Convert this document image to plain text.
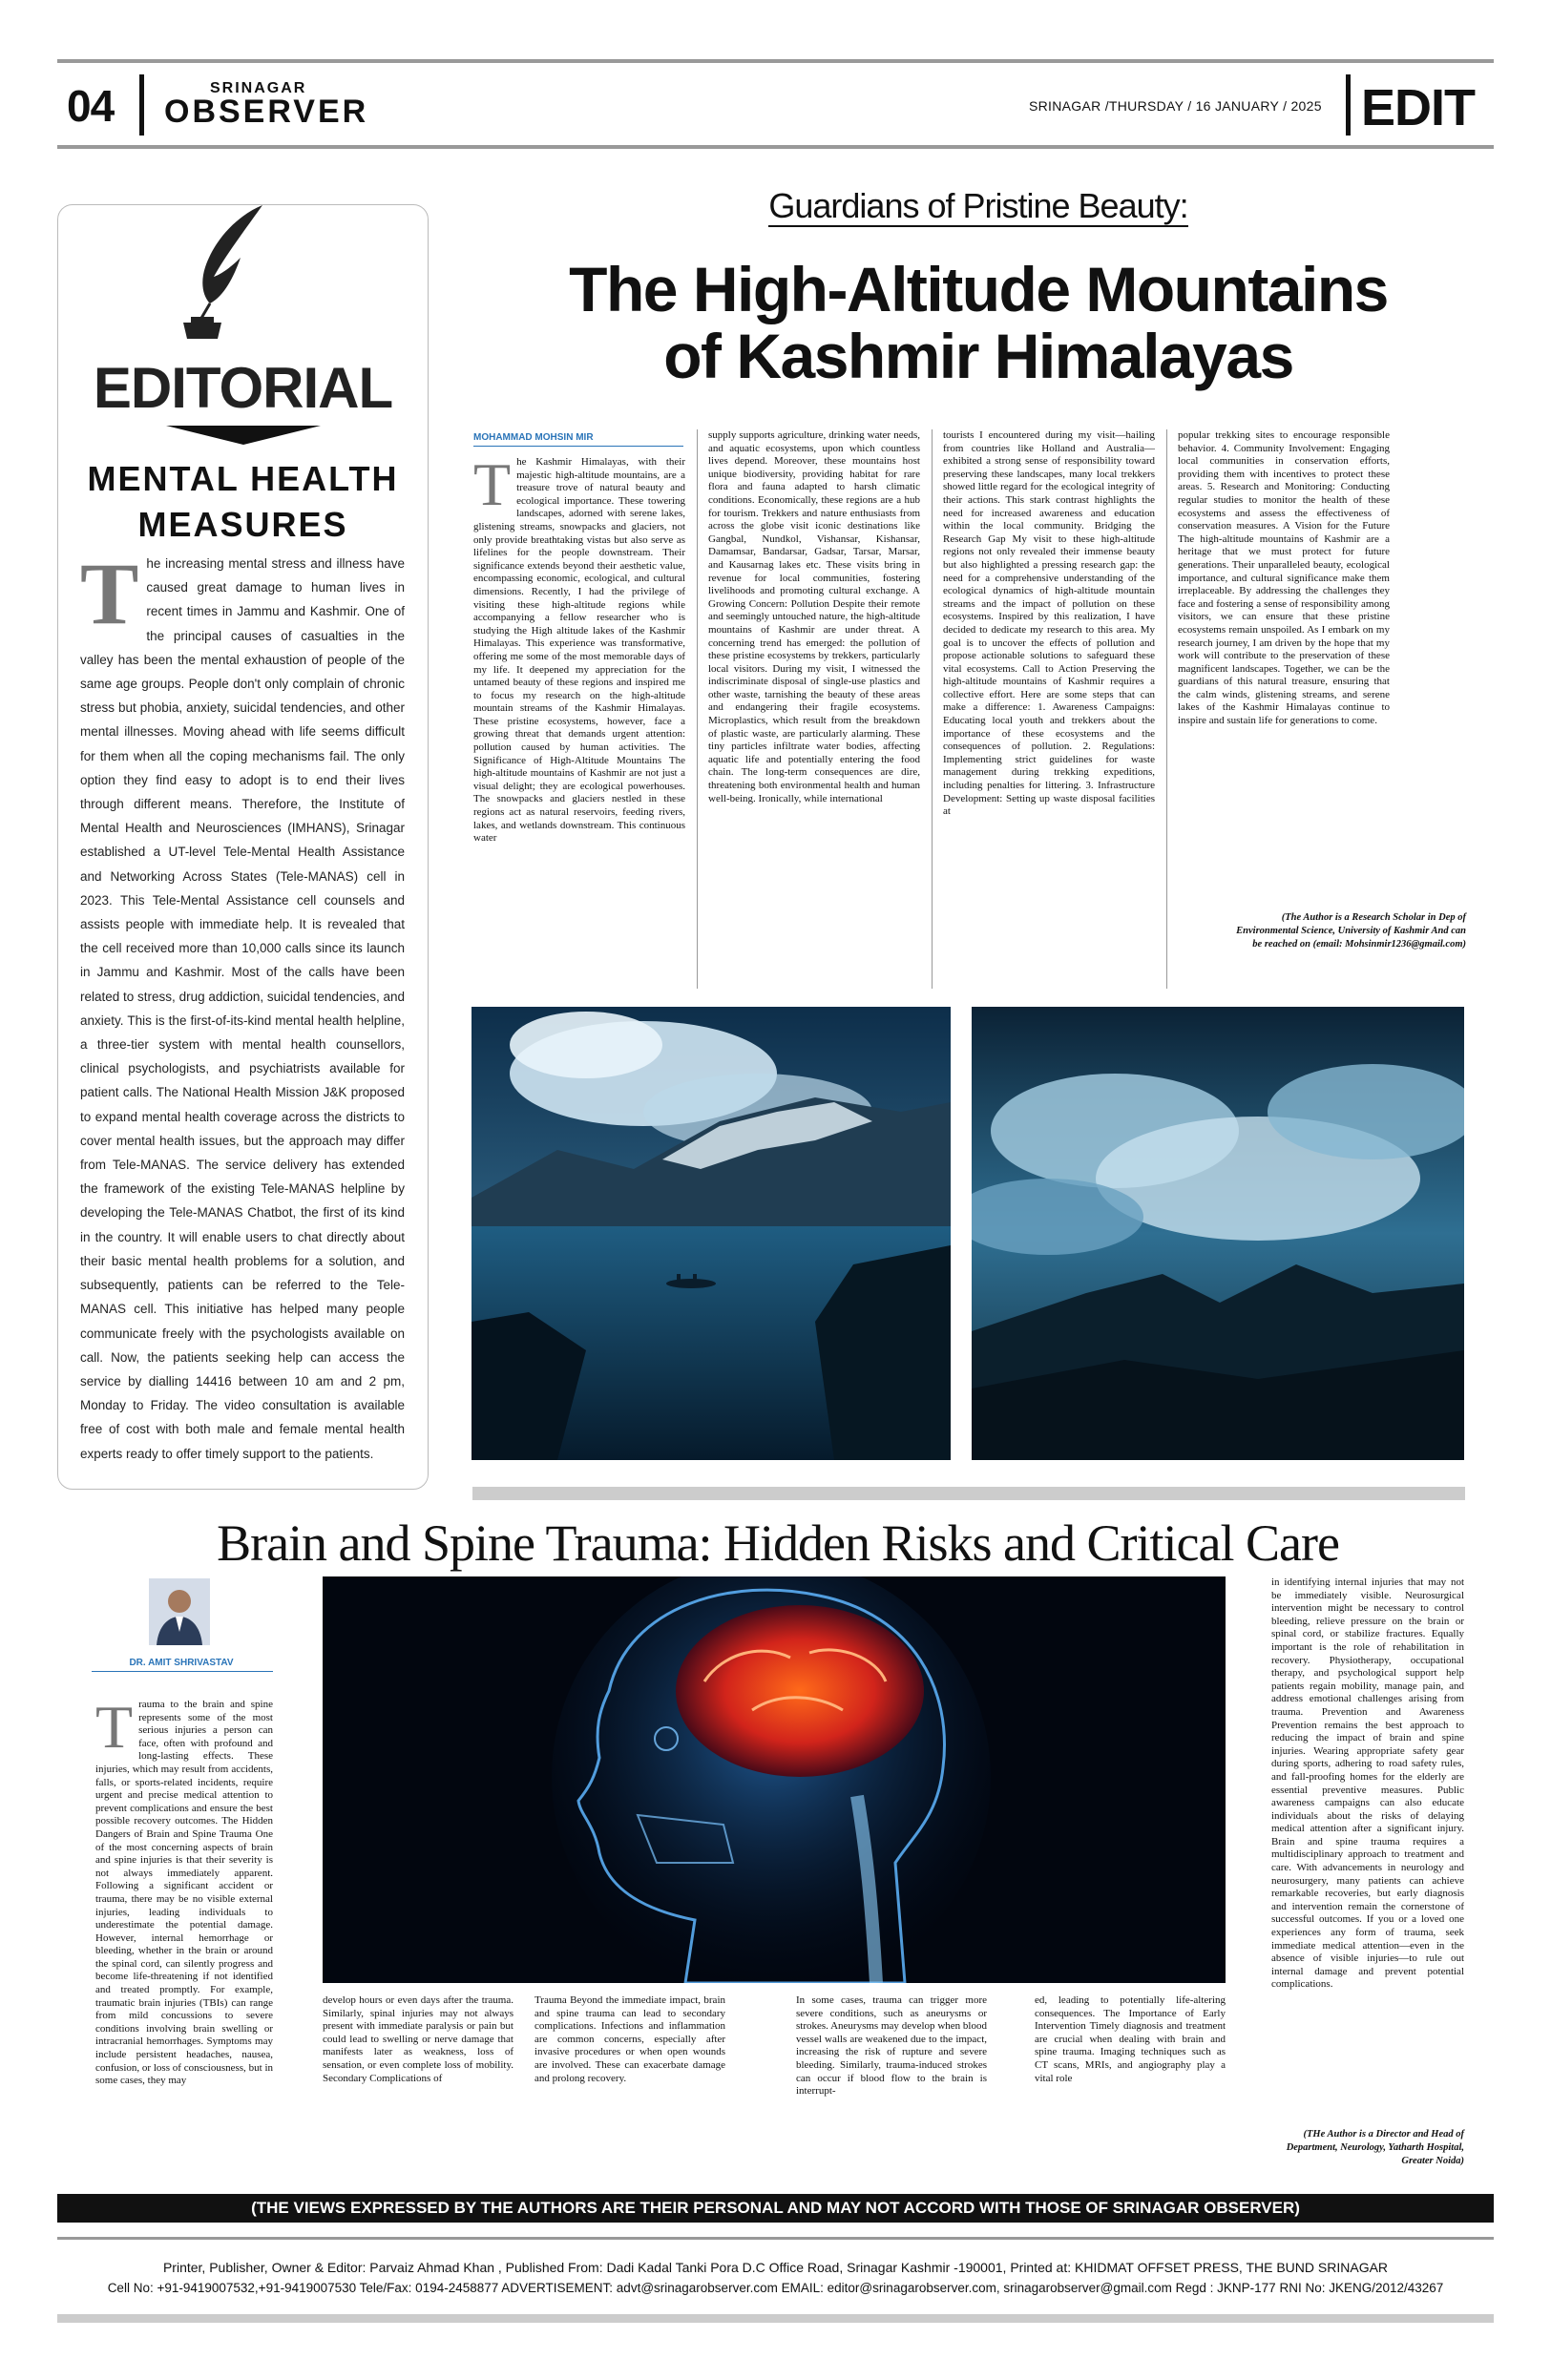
04	SRINAGAR
OBSERVER	SRINAGAR /THURSDAY / 16 JANUARY / 2025 EDIT
EDITORIAL
MENTAL HEALTH
MEASURES
The increasing mental stress and illness have caused great damage to human lives in recent times in Jammu and Kashmir. One of the principal causes of casualties in the valley has been the mental exhaustion of people of the same age groups. People don't only complain of chronic stress but phobia, anxiety, suicidal tendencies, and other mental illnesses. Moving ahead with life seems difficult for them when all the coping mechanisms fail. The only option they find easy to adopt is to end their lives through different means. Therefore, the Institute of Mental Health and Neurosciences (IMHANS), Srinagar established a UT-level Tele-Mental Health Assistance and Networking Across States (Tele-MANAS) cell in 2023. This Tele-Mental Assistance cell counsels and assists people with immediate help. It is revealed that the cell received more than 10,000 calls since its launch in Jammu and Kashmir. Most of the calls have been related to stress, drug addiction, suicidal tendencies, and anxiety. This is the first-of-its-kind mental health helpline, a three-tier system with mental health counsellors, clinical psychologists, and psychiatrists available for patient calls. The National Health Mission J&K proposed to expand mental health coverage across the districts to cover mental health issues, but the approach may differ from Tele-MANAS. The service delivery has extended the framework of the existing Tele-MANAS helpline by developing the Tele-MANAS Chatbot, the first of its kind in the country. It will enable users to chat directly about their basic mental health problems for a solution, and subsequently, patients can be referred to the Tele-MANAS cell. This initiative has helped many people communicate freely with the psychologists available on call. Now, the patients seeking help can access the service by dialling 14416 between 10 am and 2 pm, Monday to Friday. The video consultation is available free of cost with both male and female mental health experts ready to offer timely support to the patients.
Guardians of Pristine Beauty:
The High-Altitude Mountains
of Kashmir Himalayas
MOHAMMAD MOHSIN MIR
The Kashmir Himalayas, with their majestic high-altitude mountains, are a treasure trove of natural beauty and ecological importance. These towering landscapes, adorned with serene lakes, glistening streams, snowpacks and glaciers, not only provide breathtaking vistas but also serve as lifelines for the people downstream. Their significance extends beyond their aesthetic value, encompassing economic, ecological, and cultural dimensions. Recently, I had the privilege of visiting these high-altitude regions while accompanying a fellow researcher who is studying the High altitude lakes of the Kashmir Himalayas. This experience was transformative, offering me some of the most memorable days of my life. It deepened my appreciation for the untamed beauty of these regions and inspired me to focus my research on the high-altitude mountain streams of the Kashmir Himalayas. These pristine ecosystems, however, face a growing threat that demands urgent attention: pollution caused by human activities. The Significance of High-Altitude Mountains The high-altitude mountains of Kashmir are not just a visual delight; they are ecological powerhouses. The snowpacks and glaciers nestled in these regions act as natural reservoirs, feeding rivers, lakes, and wetlands downstream. This continuous water
supply supports agriculture, drinking water needs, and aquatic ecosystems, upon which countless lives depend. Moreover, these mountains host unique biodiversity, providing habitat for rare flora and fauna adapted to harsh climatic conditions. Economically, these regions are a hub for tourism. Trekkers and nature enthusiasts from across the globe visit iconic destinations like Gangbal, Nundkol, Vishansar, Kishansar, Damamsar, Bandarsar, Gadsar, Tarsar, Marsar, and Kausarnag lakes etc. These visits bring in revenue for local communities, fostering livelihoods and promoting cultural exchange. A Growing Concern: Pollution Despite their remote and seemingly untouched nature, the high-altitude mountains of Kashmir are under threat. A concerning trend has emerged: the pollution of these pristine ecosystems by trekkers, particularly local visitors. During my visit, I witnessed the indiscriminate disposal of single-use plastics and other waste, tarnishing the beauty of these areas and endangering their fragile ecosystems. Microplastics, which result from the breakdown of plastic waste, are particularly alarming. These tiny particles infiltrate water bodies, affecting aquatic life and potentially entering the food chain. The long-term consequences are dire, threatening both environmental health and human well-being. Ironically, while international
tourists I encountered during my visit—hailing from countries like Holland and Australia—exhibited a strong sense of responsibility toward preserving these landscapes, many local trekkers showed little regard for the ecological integrity of their actions. This stark contrast highlights the need for increased awareness and education within the local community. Bridging the Research Gap My visit to these high-altitude regions not only revealed their immense beauty but also highlighted a pressing research gap: the need for a comprehensive understanding of the ecological dynamics of high-altitude mountain streams and the impact of pollution on these ecosystems. Inspired by this realization, I have decided to dedicate my research to this area. My goal is to uncover the effects of pollution and propose actionable solutions to safeguard these vital ecosystems. Call to Action Preserving the high-altitude mountains of Kashmir requires a collective effort. Here are some steps that can make a difference: 1. Awareness Campaigns: Educating local youth and trekkers about the importance of these ecosystems and the consequences of pollution. 2. Regulations: Implementing strict guidelines for waste management during trekking expeditions, including penalties for littering. 3. Infrastructure Development: Setting up waste disposal facilities at
popular trekking sites to encourage responsible behavior. 4. Community Involvement: Engaging local communities in conservation efforts, providing them with incentives to protect these areas. 5. Research and Monitoring: Conducting regular studies to monitor the health of these ecosystems and assess the effectiveness of conservation measures. A Vision for the Future The high-altitude mountains of Kashmir are a heritage that we must protect for future generations. Their unparalleled beauty, ecological importance, and cultural significance make them irreplaceable. By addressing the challenges they face and fostering a sense of responsibility among visitors, we can ensure that these pristine ecosystems remain unspoiled. As I embark on my research journey, I am driven by the hope that my work will contribute to the preservation of these magnificent landscapes. Together, we can be the guardians of this natural treasure, ensuring that the calm winds, glistening streams, and serene lakes of the Kashmir Himalayas continue to inspire and sustain life for generations to come.
(The Author is a Research Scholar in Dep of Environmental Science, University of Kashmir And can be reached on (email: Mohsinmir1236@gmail.com)
Brain and Spine Trauma: Hidden Risks and Critical Care
DR. AMIT SHRIVASTAV
Trauma to the brain and spine represents some of the most serious injuries a person can face, often with profound and long-lasting effects. These injuries, which may result from accidents, falls, or sports-related incidents, require urgent and precise medical attention to prevent complications and ensure the best possible recovery outcomes. The Hidden Dangers of Brain and Spine Trauma One of the most concerning aspects of brain and spine injuries is that their severity is not always immediately apparent. Following a significant accident or trauma, there may be no visible external injuries, leading individuals to underestimate the potential damage. However, internal hemorrhage or bleeding, whether in the brain or around the spinal cord, can silently progress and become life-threatening if not identified and treated promptly. For example, traumatic brain injuries (TBIs) can range from mild concussions to severe conditions involving brain swelling or intracranial hemorrhages. Symptoms may include persistent headaches, nausea, confusion, or loss of consciousness, but in some cases, they may
develop hours or even days after the trauma. Similarly, spinal injuries may not always present with immediate paralysis or pain but could lead to swelling or nerve damage that manifests later as weakness, loss of sensation, or even complete loss of mobility. Secondary Complications of
Trauma Beyond the immediate impact, brain and spine trauma can lead to secondary complications. Infections and inflammation are common concerns, especially after invasive procedures or when open wounds are involved. These can exacerbate damage and prolong recovery.
In some cases, trauma can trigger more severe conditions, such as aneurysms or strokes. Aneurysms may develop when blood vessel walls are weakened due to the impact, increasing the risk of rupture and severe bleeding. Similarly, trauma-induced strokes can occur if blood flow to the brain is interrupt-
ed, leading to potentially life-altering consequences. The Importance of Early Intervention Timely diagnosis and treatment are crucial when dealing with brain and spine trauma. Imaging techniques such as CT scans, MRIs, and angiography play a vital role
in identifying internal injuries that may not be immediately visible. Neurosurgical intervention might be necessary to control bleeding, relieve pressure on the brain or spinal cord, or stabilize fractures. Equally important is the role of rehabilitation in recovery. Physiotherapy, occupational therapy, and psychological support help patients regain mobility, manage pain, and address emotional challenges arising from trauma. Prevention and Awareness Prevention remains the best approach to reducing the impact of brain and spine injuries. Wearing appropriate safety gear during sports, adhering to road safety rules, and fall-proofing homes for the elderly are essential preventive measures. Public awareness campaigns can also educate individuals about the risks of delaying medical attention after a significant injury. Brain and spine trauma requires a multidisciplinary approach to treatment and care. With advancements in neurology and neurosurgery, many patients can achieve remarkable recoveries, but early diagnosis and intervention remain the cornerstone of successful outcomes. If you or a loved one experiences any form of trauma, seek immediate medical attention—even in the absence of visible injuries—to rule out internal damage and prevent potential complications.
(THe Author is a Director and Head of Department, Neurology, Yatharth Hospital, Greater Noida)
(THE VIEWS EXPRESSED BY THE AUTHORS ARE THEIR PERSONAL AND MAY NOT ACCORD WITH THOSE OF SRINAGAR OBSERVER)
Printer, Publisher, Owner & Editor: Parvaiz Ahmad Khan , Published From: Dadi Kadal Tanki Pora D.C Office Road, Srinagar Kashmir -190001, Printed at: KHIDMAT OFFSET PRESS, THE BUND SRINAGAR
Cell No: +91-9419007532,+91-9419007530 Tele/Fax: 0194-2458877 ADVERTISEMENT: advt@srinagarobserver.com EMAIL: editor@srinagarobserver.com, srinagarobserver@gmail.com Regd : JKNP-177 RNI No: JKENG/2012/43267
